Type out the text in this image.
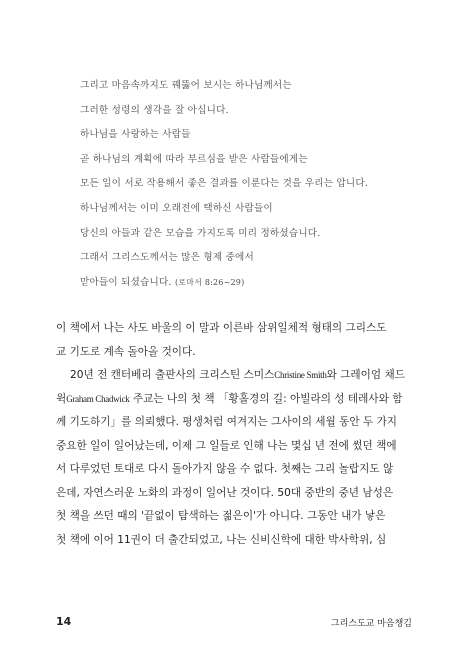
그리고 마음속까지도 꿰뚫어 보시는 하나님께서는
그러한 성령의 생각을 잘 아십니다.
하나님을 사랑하는 사람들
곧 하나님의 계획에 따라 부르심을 받은 사람들에게는
모든 일이 서로 작용해서 좋은 결과를 이룬다는 것을 우리는 압니다.
하나님께서는 이미 오래전에 택하신 사람들이
당신의 아들과 같은 모습을 가지도록 미리 정하셨습니다.
그래서 그리스도께서는 많은 형제 중에서
맏아들이 되셨습니다. (로마서 8:26~29)
이 책에서 나는 사도 바울의 이 말과 이른바 삼위일체적 형태의 그리스도
교 기도로 계속 돌아올 것이다.
20년 전 캔터베리 출판사의 크리스틴 스미스Christine Smith와 그레이엄 채드
윅Graham Chadwick 주교는 나의 첫 책 「황홀경의 길: 아빌라의 성 테레사와 함
께 기도하기」를 의뢰했다. 평생처럼 여겨지는 그사이의 세월 동안 두 가지
중요한 일이 일어났는데, 이제 그 일들로 인해 나는 몇십 년 전에 썼던 책에
서 다루었던 토대로 다시 돌아가지 않을 수 없다. 첫째는 그리 놀랍지도 않
은데, 자연스러운 노화의 과정이 일어난 것이다. 50대 중반의 중년 남성은
첫 책을 쓰던 때의 '끝없이 탐색하는 젊은이'가 아니다. 그동안 내가 낳은
첫 책에 이어 11권이 더 출간되었고, 나는 신비신학에 대한 박사학위, 심
14	그리스도교 마음챙김
